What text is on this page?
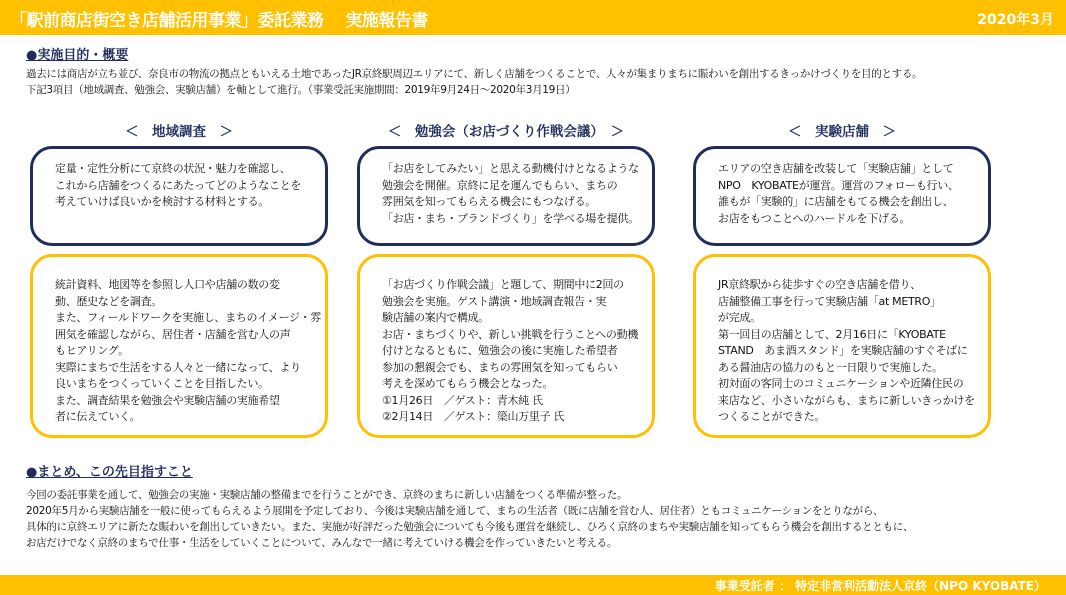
「駅前商店街空き店舗活用事業」委託業務　 実施報告書	2020年3月
●実施目的・概要
過去には商店が立ち並び、奈良市の物流の拠点ともいえる土地であったJR京終駅周辺エリアにて、新しく店舗をつくることで、人々が集まりまちに賑わいを創出するきっかけづくりを目的とする。
下記3項目（地域調査、勉強会、実験店舗）を軸として進行。（事業受託実施期間：2019年9月24日～2020年3月19日）
＜　地域調査　＞
定量・定性分析にて京終の状況・魅力を確認し、
これから店舗をつくるにあたってどのようなことを
考えていけば良いかを検討する材料とする。
統計資料、地図等を参照し人口や店舗の数の変
動、歴史などを調査。
また、フィールドワークを実施し、まちのイメージ・雰
囲気を確認しながら、居住者・店舗を営む人の声
もヒアリング。
実際にまちで生活をする人々と一緒になって、より
良いまちをつくっていくことを目指したい。
また、調査結果を勉強会や実験店舗の実施希望
者に伝えていく。
＜　勉強会（お店づくり作戦会議）　＞
「お店をしてみたい」と思える動機付けとなるような
勉強会を開催。京終に足を運んでもらい、まちの
雰囲気を知ってもらえる機会にもつなげる。
「お店・まち・ブランドづくり」を学べる場を提供。
「お店づくり作戦会議」と題して、期間中に2回の
勉強会を実施。ゲスト講演・地域調査報告・実
験店舗の案内で構成。
お店・まちづくりや、新しい挑戦を行うことへの動機
付けとなるともに、勉強会の後に実施した希望者
参加の懇親会でも、まちの雰囲気を知ってもらい
考えを深めてもらう機会となった。
①1月26日　／ゲスト：青木純 氏
②2月14日　／ゲスト：簗山万里子 氏
＜　実験店舗　＞
エリアの空き店舗を改装して「実験店舗」として
NPO　KYOBATEが運営。運営のフォローも行い、
誰もが「実験的」に店舗をもてる機会を創出し、
お店をもつことへのハードルを下げる。
JR京終駅から徒歩すぐの空き店舗を借り、
店舗整備工事を行って実験店舗「at METRO」
が完成。
第一回目の店舗として、2月16日に「KYOBATE
STAND　あま酒スタンド」を実験店舗のすぐそばに
ある醤油店の協力のもと一日限りで実施した。
初対面の客同士のコミュニケーションや近隣住民の
来店など、小さいながらも、まちに新しいきっかけを
つくることができた。
●まとめ、この先目指すこと
今回の委託事業を通して、勉強会の実施・実験店舗の整備までを行うことができ、京終のまちに新しい店舗をつくる準備が整った。
2020年5月から実験店舗を一般に使ってもらえるよう展開を予定しており、今後は実験店舗を通して、まちの生活者（既に店舗を営む人、居住者）ともコミュニケーションをとりながら、
具体的に京終エリアに新たな賑わいを創出していきたい。また、実施が好評だった勉強会についても今後も運営を継続し、ひろく京終のまちや実験店舗を知ってもらう機会を創出するとともに、
お店だけでなく京終のまちで仕事・生活をしていくことについて、みんなで一緒に考えていける機会を作っていきたいと考える。
事業受託者 ： 特定非営利活動法人京終（NPO KYOBATE）
